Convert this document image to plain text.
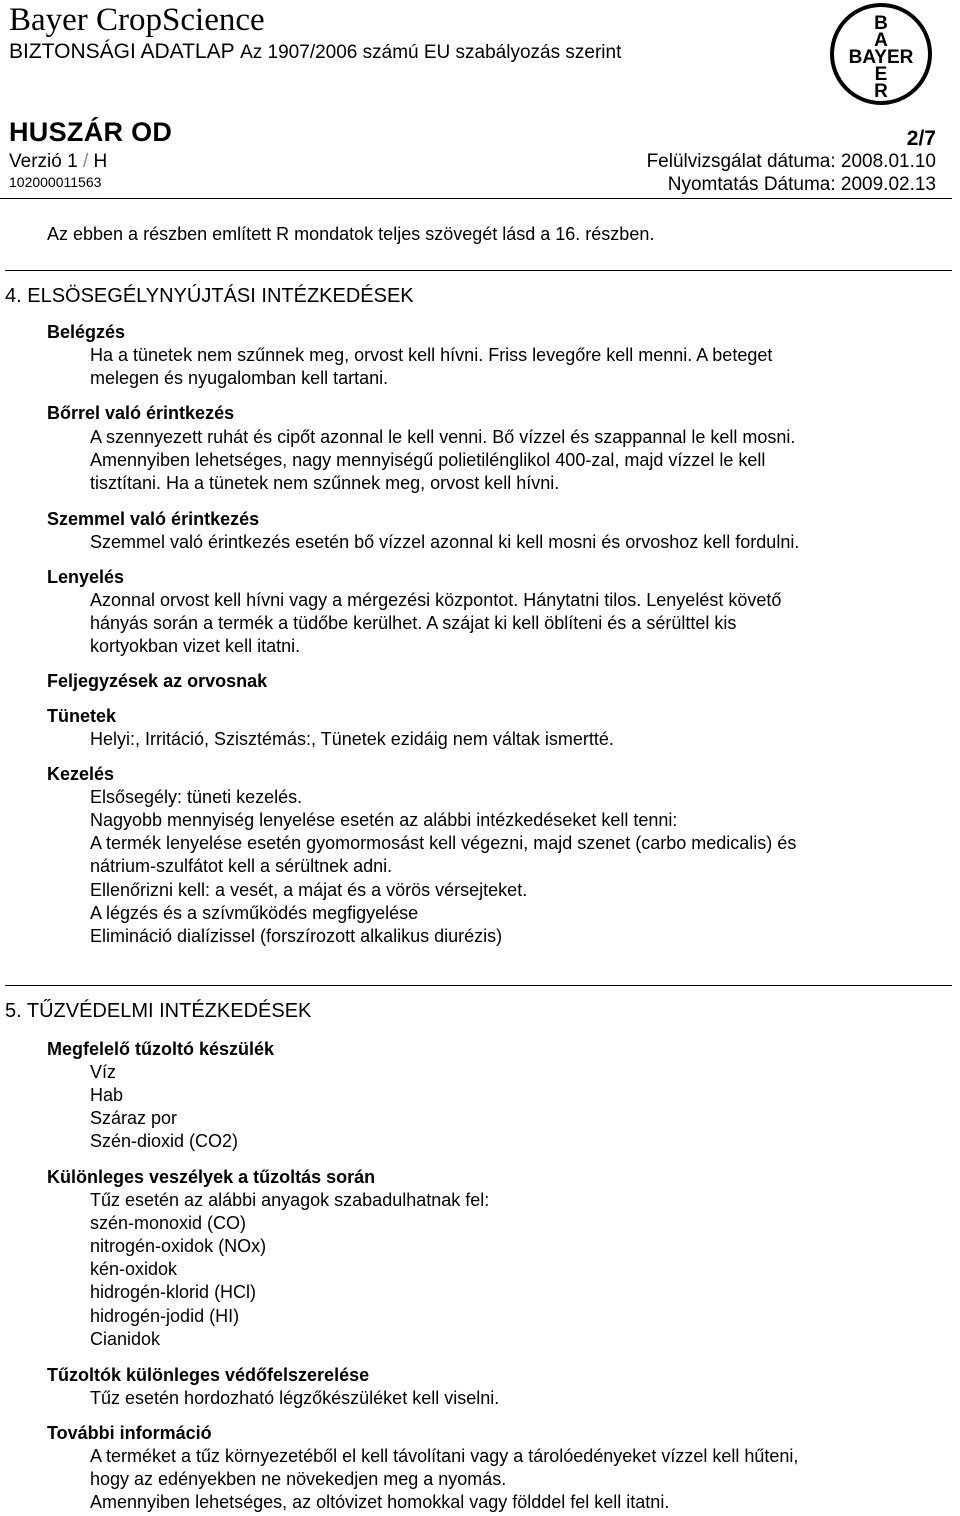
Bayer CropScience
BIZTONSÁGI ADATLAP Az 1907/2006 számú EU szabályozás szerint
B
A
BAYER
E
R
HUSZÁR OD	2/7
Verzió 1 / H	Felülvizsgálat dátuma: 2008.01.10
102000011563	Nyomtatás Dátuma: 2009.02.13
Az ebben a részben említett R mondatok teljes szövegét lásd a 16. részben.
4. ELSÖSEGÉLYNYÚJTÁSI INTÉZKEDÉSEK
Belégzés
Ha a tünetek nem szűnnek meg, orvost kell hívni. Friss levegőre kell menni. A beteget
melegen és nyugalomban kell tartani.
Bőrrel való érintkezés
A szennyezett ruhát és cipőt azonnal le kell venni. Bő vízzel és szappannal le kell mosni.
Amennyiben lehetséges, nagy mennyiségű polietilénglikol 400-zal, majd vízzel le kell
tisztítani. Ha a tünetek nem szűnnek meg, orvost kell hívni.
Szemmel való érintkezés
Szemmel való érintkezés esetén bő vízzel azonnal ki kell mosni és orvoshoz kell fordulni.
Lenyelés
Azonnal orvost kell hívni vagy a mérgezési központot. Hánytatni tilos. Lenyelést követő
hányás során a termék a tüdőbe kerülhet. A szájat ki kell öblíteni és a sérülttel kis
kortyokban vizet kell itatni.
Feljegyzések az orvosnak
Tünetek
Helyi:, Irritáció, Szisztémás:, Tünetek ezidáig nem váltak ismertté.
Kezelés
Elsősegély: tüneti kezelés.
Nagyobb mennyiség lenyelése esetén az alábbi intézkedéseket kell tenni:
A termék lenyelése esetén gyomormosást kell végezni, majd szenet (carbo medicalis) és
nátrium-szulfátot kell a sérültnek adni.
Ellenőrizni kell: a vesét, a májat és a vörös vérsejteket.
A légzés és a szívműködés megfigyelése
Elimináció dialízissel (forszírozott alkalikus diurézis)
5. TŰZVÉDELMI INTÉZKEDÉSEK
Megfelelő tűzoltó készülék
Víz
Hab
Száraz por
Szén-dioxid (CO2)
Különleges veszélyek a tűzoltás során
Tűz esetén az alábbi anyagok szabadulhatnak fel:
szén-monoxid (CO)
nitrogén-oxidok (NOx)
kén-oxidok
hidrogén-klorid (HCl)
hidrogén-jodid (HI)
Cianidok
Tűzoltók különleges védőfelszerelése
Tűz esetén hordozható légzőkészüléket kell viselni.
További információ
A terméket a tűz környezetéből el kell távolítani vagy a tárolóedényeket vízzel kell hűteni,
hogy az edényekben ne növekedjen meg a nyomás.
Amennyiben lehetséges, az oltóvizet homokkal vagy földdel fel kell itatni.
